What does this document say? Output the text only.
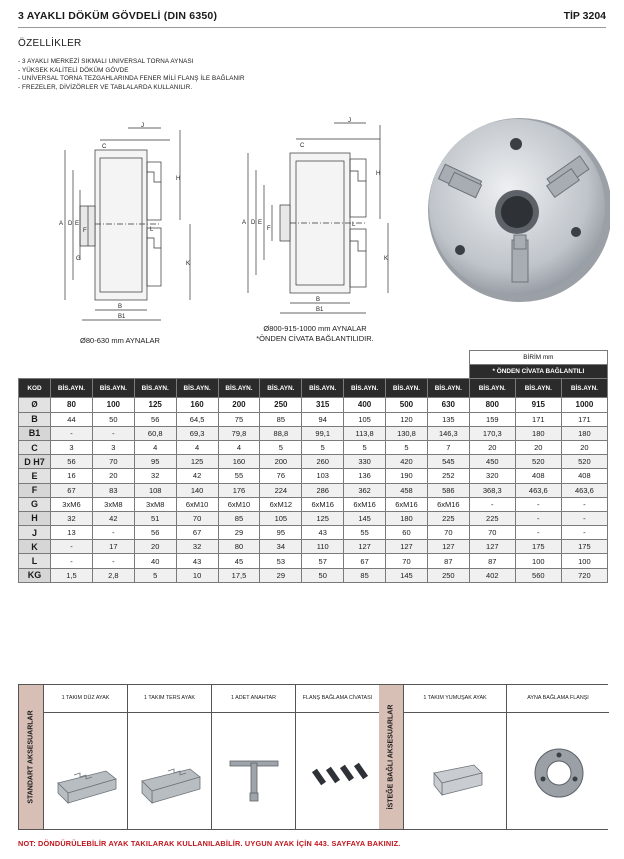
3 AYAKLI DÖKÜM GÖVDELİ (DIN 6350)	TİP 3204
ÖZELLİKLER
- 3 AYAKLI MERKEZİ SIKMALI UNIVERSAL TORNA AYNASI
- YÜKSEK KALİTELİ DÖKÜM GÖVDE
- UNİVERSAL TORNA TEZGAHLARINDA FENER MİLİ FLANŞ İLE BAĞLANIR
- FREZELER, DİVİZÖRLER VE TABLALARDA KULLANILIR.
A D E
F
H
K
L
B
B1
J
C
G
Ø80-630 mm AYNALAR
A D E
F
H
K
L
B
B1
J
C
Ø800-915-1000 mm AYNALAR
*ÖNDEN CİVATA BAĞLANTILIDIR.
											BİRİM mm		
											* ÖNDEN CİVATA BAĞLANTILI		
KOD	BİS.AYN.	BİS.AYN.	BİS.AYN.	BİS.AYN.	BİS.AYN.	BİS.AYN.	BİS.AYN.	BİS.AYN.	BİS.AYN.	BİS.AYN.	BİS.AYN.	BİS.AYN.	BİS.AYN.
Ø	80	100	125	160	200	250	315	400	500	630	800	915	1000
B	44	50	56	64,5	75	85	94	105	120	135	159	171	171
B1	-	-	60,8	69,3	79,8	88,8	99,1	113,8	130,8	146,3	170,3	180	180
C	3	3	4	4	4	5	5	5	5	7	20	20	20
D H7	56	70	95	125	160	200	260	330	420	545	450	520	520
E	16	20	32	42	55	76	103	136	190	252	320	408	408
F	67	83	108	140	176	224	286	362	458	586	368,3	463,6	463,6
G	3xM6	3xM8	3xM8	6xM10	6xM10	6xM12	6xM16	6xM16	6xM16	6xM16	-	-	-
H	32	42	51	70	85	105	125	145	180	225	225	-	-
J	13	-	56	67	29	95	43	55	60	70	70	-	-
K	-	17	20	32	80	34	110	127	127	127	127	175	175
L	-	-	40	43	45	53	57	67	70	87	87	100	100
KG	1,5	2,8	5	10	17,5	29	50	85	145	250	402	560	720
STANDART AKSESUARLAR
1 TAKIM DÜZ AYAK	1 TAKIM TERS AYAK	1 ADET ANAHTAR	FLANŞ BAĞLAMA CİVATASI
İSTEĞE BAĞLI AKSESUARLAR
1 TAKIM YUMUŞAK AYAK	AYNA BAĞLAMA FLANŞI
NOT: DÖNDÜRÜLEBİLİR AYAK TAKILARAK KULLANILABİLİR. UYGUN AYAK İÇİN 443. SAYFAYA BAKINIZ.
